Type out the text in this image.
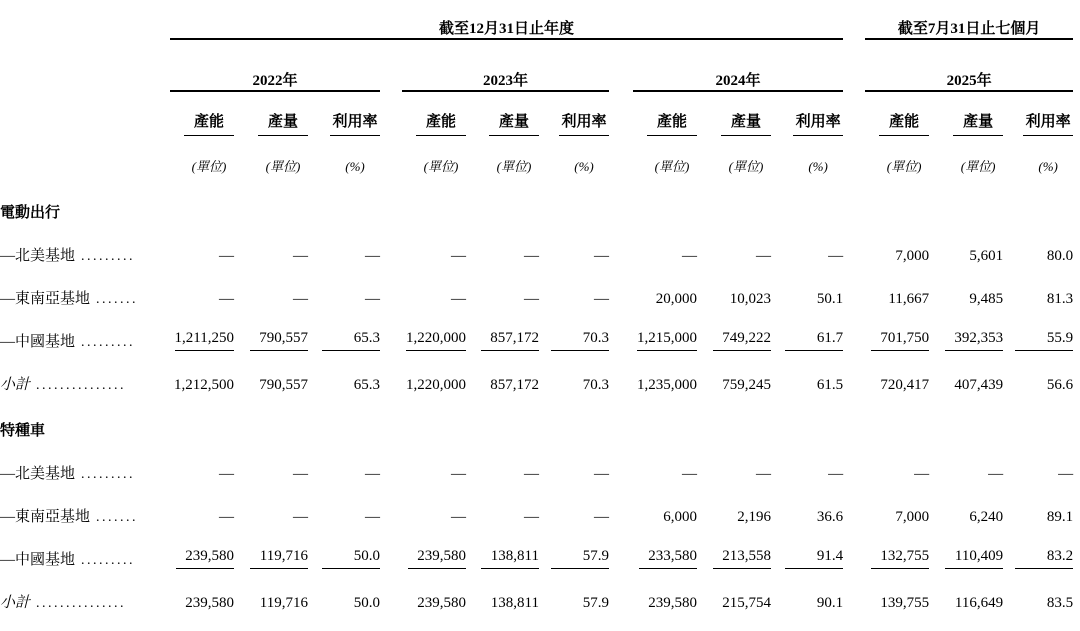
		截至12月31日止年度												截至7月31日止七個月			
		2022年				2023年				2024年				2025年			
		產能	產量	利用率		產能	產量	利用率		產能	產量	利用率		產能	產量	利用率	
		(單位)	(單位)	(%)		(單位)	(單位)	(%)		(單位)	(單位)	(%)		(單位)	(單位)	(%)	
電動出行																	
—北美基地 .........		—	—	—		—	—	—		—	—	—		7,000	5,601	80.0	
—東南亞基地 .......		—	—	—		—	—	—		20,000	10,023	50.1		11,667	9,485	81.3	
—中國基地 .........		1,211,250	790,557	65.3		1,220,000	857,172	70.3		1,215,000	749,222	61.7		701,750	392,353	55.9	
小計 ...............		1,212,500	790,557	65.3		1,220,000	857,172	70.3		1,235,000	759,245	61.5		720,417	407,439	56.6	
特種車																	
—北美基地 .........		—	—	—		—	—	—		—	—	—		—	—	—	
—東南亞基地 .......		—	—	—		—	—	—		6,000	2,196	36.6		7,000	6,240	89.1	
—中國基地 .........		239,580	119,716	50.0		239,580	138,811	57.9		233,580	213,558	91.4		132,755	110,409	83.2	
小計 ...............		239,580	119,716	50.0		239,580	138,811	57.9		239,580	215,754	90.1		139,755	116,649	83.5	
